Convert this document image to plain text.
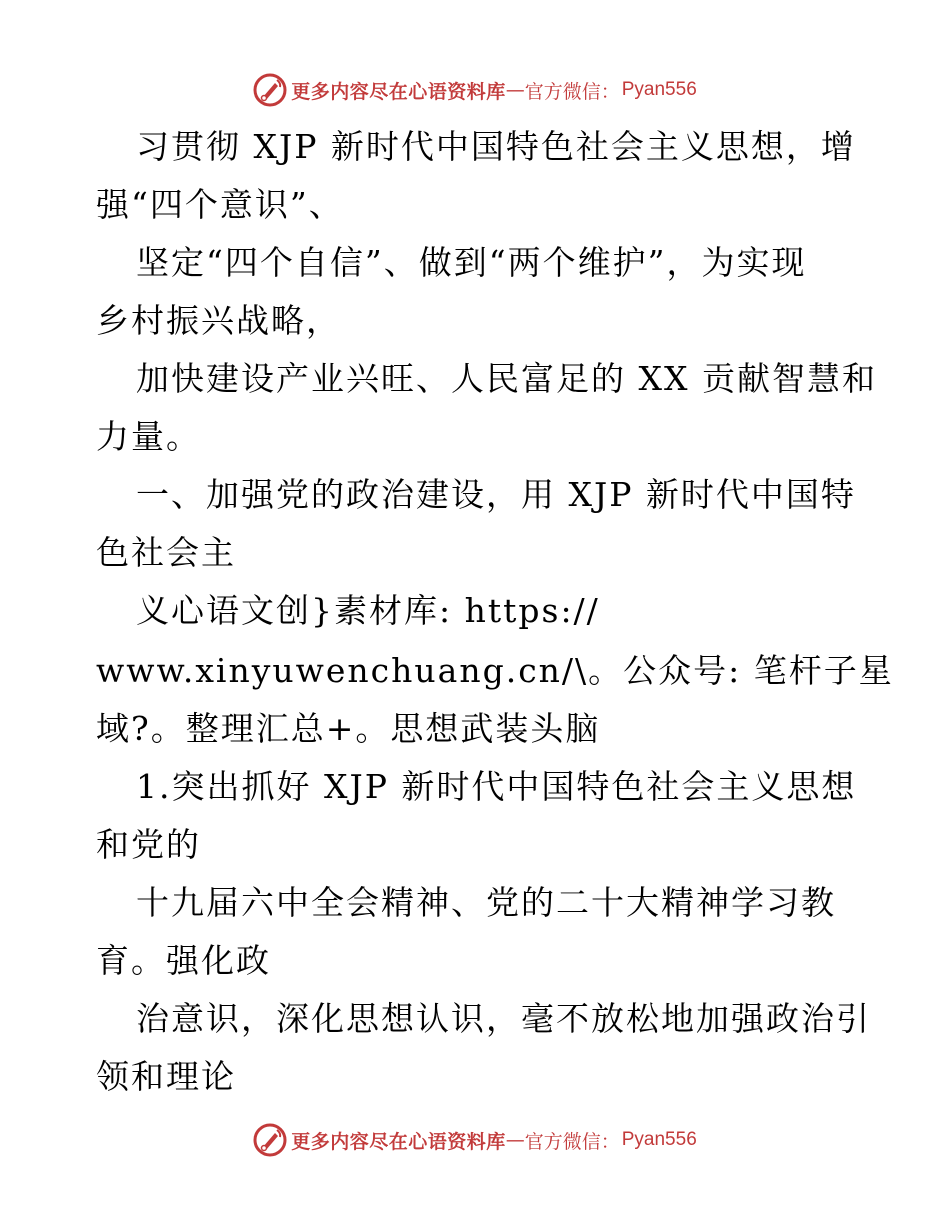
更多内容尽在心语资料库 — 官方微信： Pyan556
习贯彻 XJP 新时代中国特色社会主义思想，增
强“四个意识”、
坚定“四个自信”、做到“两个维护”，为实现
乡村振兴战略，
加快建设产业兴旺、人民富足的 XX 贡献智慧和
力量。
一、加强党的政治建设，用 XJP 新时代中国特
色社会主
义心语文创}素材库: https://
www.xinyuwenchuang.cn/\。公众号: 笔杆子星
域?。整理汇总+。思想武装头脑
1.突出抓好 XJP 新时代中国特色社会主义思想
和党的
十九届六中全会精神、党的二十大精神学习教
育。强化政
治意识，深化思想认识，毫不放松地加强政治引
领和理论
更多内容尽在心语资料库 — 官方微信： Pyan556
